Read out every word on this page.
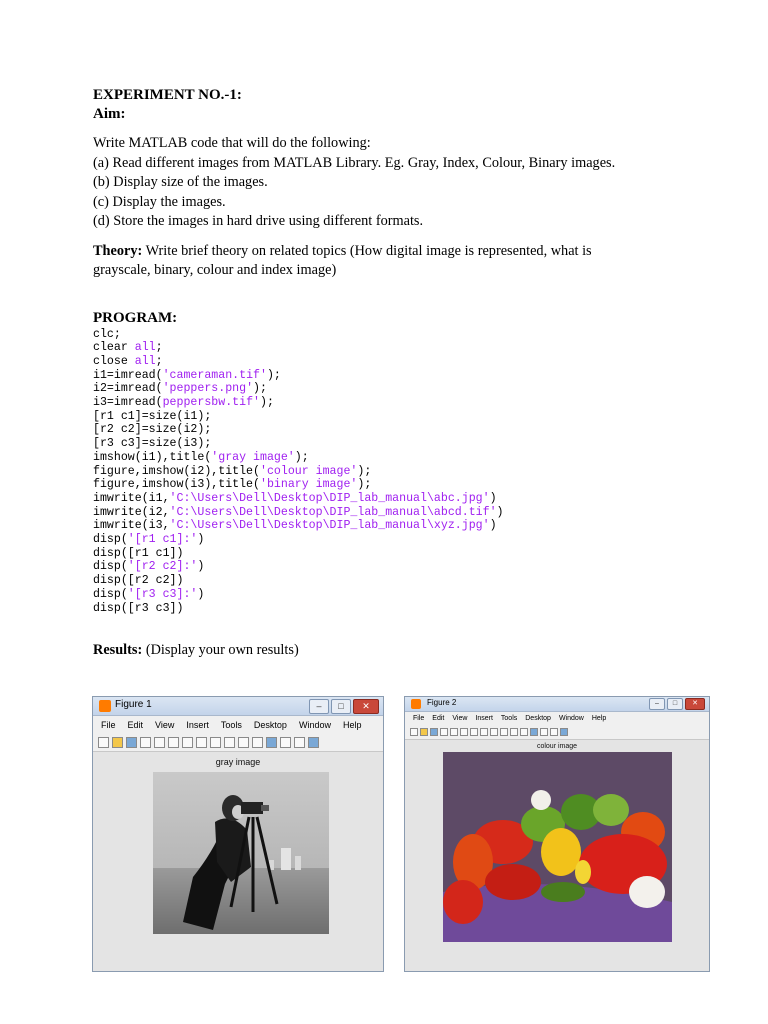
EXPERIMENT NO.-1:

Aim:

Write MATLAB code that will do the following:

(a) Read different images from MATLAB Library. Eg. Gray, Index, Colour, Binary images.

(b) Display size of the images.

(c) Display the images.

(d) Store the images in hard drive using different formats.

Theory: Write brief theory on related topics (How digital image is represented, what is

grayscale, binary, colour and index image)

PROGRAM:

clc;
clear all;
close all;
i1=imread('cameraman.tif');
i2=imread('peppers.png');
i3=imread(peppersbw.tif');
[r1 c1]=size(i1);
[r2 c2]=size(i2);
[r3 c3]=size(i3);
imshow(i1),title('gray image');
figure,imshow(i2),title('colour image');
figure,imshow(i3),title('binary image');
imwrite(i1,'C:\Users\Dell\Desktop\DIP_lab_manual\abc.jpg')
imwrite(i2,'C:\Users\Dell\Desktop\DIP_lab_manual\abcd.tif')
imwrite(i3,'C:\Users\Dell\Desktop\DIP_lab_manual\xyz.jpg')
disp('[r1 c1]:')
disp([r1 c1])
disp('[r2 c2]:')
disp([r2 c2])
disp('[r3 c3]:')
disp([r3 c3])

Results: (Display your own results)

Figure 1	–	□	✕
File Edit View Insert Tools Desktop Window Help
gray image
Figure 2	–	□	✕
File Edit View Insert Tools Desktop Window Help
colour image
